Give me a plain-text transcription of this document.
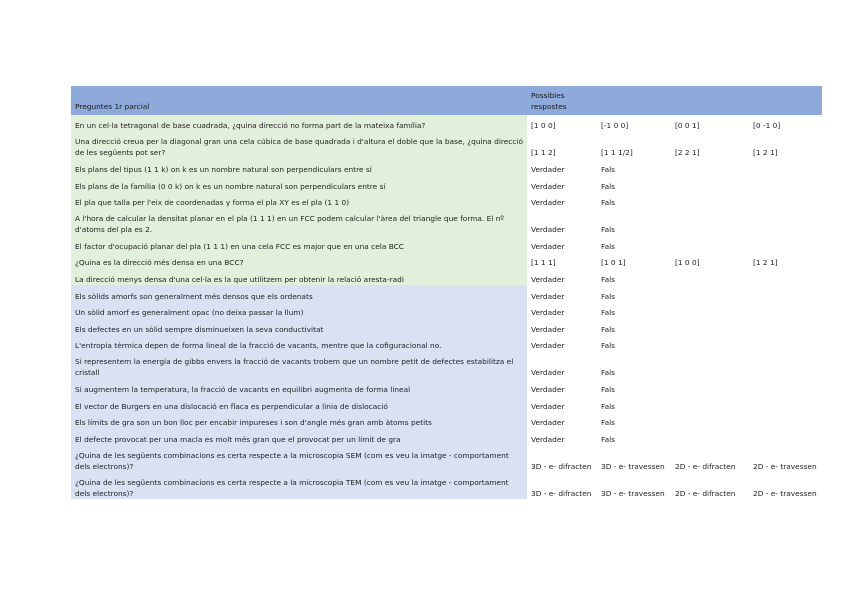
Preguntes 1r parcial	Possibles respostes			
En un cel·la tetragonal de base cuadrada, ¿quina direcció no forma part de la mateixa família?	[1 0 0]	[-1 0 0]	[0 0 1]	[0 -1 0]
Una direcció creua per la diagonal gran una cela cúbica de base quadrada i d'altura el doble que la base, ¿quina direcció de les següents pot ser?	[1 1 2]	[1 1 1/2]	[2 2 1]	[1 2 1]
Els plans del tipus (1 1 k) on k es un nombre natural son perpendiculars entre sí	Verdader	Fals		
Els plans de la família (0 0 k) on k es un nombre natural son perpendiculars entre sí	Verdader	Fals		
El pla que talla per l'eix de coordenadas y forma el pla XY es el pla (1 1 0)	Verdader	Fals		
A l'hora de calcular la densitat planar en el pla (1 1 1) en un FCC podem calcular l'àrea del triangle que forma. El nº d'atoms del pla es 2.	Verdader	Fals		
El factor d'ocupació planar del pla (1 1 1) en una cela FCC es major que en una cela BCC	Verdader	Fals		
¿Quina es la direcció més densa en una BCC?	[1 1 1]	[1 0 1]	[1 0 0]	[1 2 1]
La direcció menys densa d'una cel·la es la que utilitzem per obtenir la relació aresta-radi	Verdader	Fals		
Els sòlids amorfs son generalment més densos que els ordenats	Verdader	Fals		
Un sòlid amorf es generalment opac (no deixa passar la llum)	Verdader	Fals		
Els defectes en un sòlid sempre disminueixen la seva conductivitat	Verdader	Fals		
L'entropia tèrmica depen de forma lineal de la fracció de vacants, mentre que la cofiguracional no.	Verdader	Fals		
Si representem la energía de gibbs envers la fracció de vacants trobem que un nombre petit de defectes estabilitza el cristall	Verdader	Fals		
Si augmentem la temperatura, la fracció de vacants en equilibri augmenta de forma lineal	Verdader	Fals		
El vector de Burgers en una dislocació en flaca es perpendicular a línia de dislocació	Verdader	Fals		
Els límits de gra son un bon lloc per encabir impureses i son d'angle més gran amb àtoms petits	Verdader	Fals		
El defecte provocat per una macla es molt més gran que el provocat per un límit de gra	Verdader	Fals		
¿Quina de les següents combinacions es certa respecte a la microscopia SEM (com es veu la imatge - comportament dels electrons)?	3D - e- difracten	3D - e- travessen	2D - e- difracten	2D - e- travessen
¿Quina de les següents combinacions es certa respecte a la microscopia TEM (com es veu la imatge - comportament dels electrons)?	3D - e- difracten	3D - e- travessen	2D - e- difracten	2D - e- travessen
